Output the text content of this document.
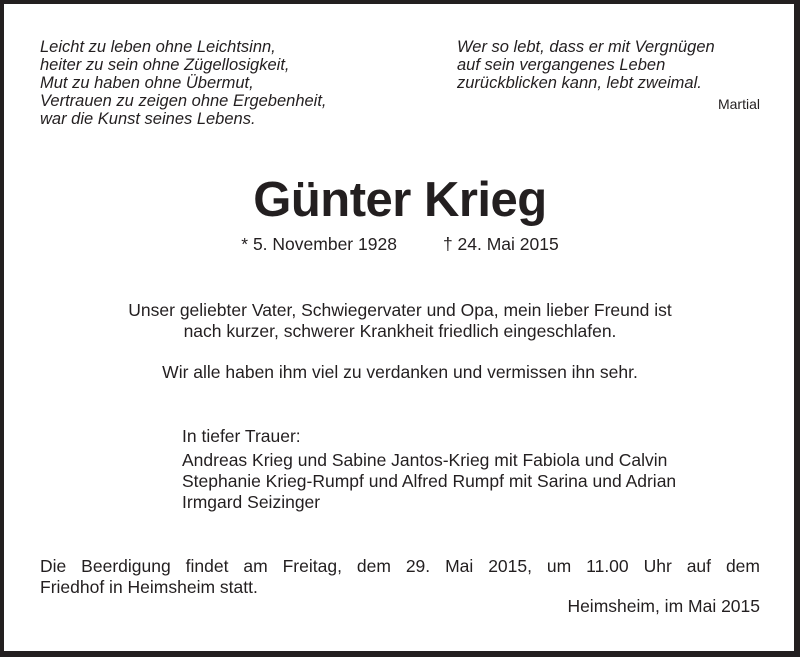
Leicht zu leben ohne Leichtsinn,
heiter zu sein ohne Zügellosigkeit,
Mut zu haben ohne Übermut,
Vertrauen zu zeigen ohne Ergebenheit,
war die Kunst seines Lebens.
Wer so lebt, dass er mit Vergnügen
auf sein vergangenes Leben
zurückblicken kann, lebt zweimal.
Martial
Günter Krieg
* 5. November 1928	† 24. Mai 2015
Unser geliebter Vater, Schwiegervater und Opa, mein lieber Freund ist
nach kurzer, schwerer Krankheit friedlich eingeschlafen.
Wir alle haben ihm viel zu verdanken und vermissen ihn sehr.
In tiefer Trauer:
Andreas Krieg und Sabine Jantos-Krieg mit Fabiola und Calvin
Stephanie Krieg-Rumpf und Alfred Rumpf mit Sarina und Adrian
Irmgard Seizinger
Die Beerdigung findet am Freitag, dem 29. Mai 2015, um 11.00 Uhr auf dem
Friedhof in Heimsheim statt.
Heimsheim, im Mai 2015
